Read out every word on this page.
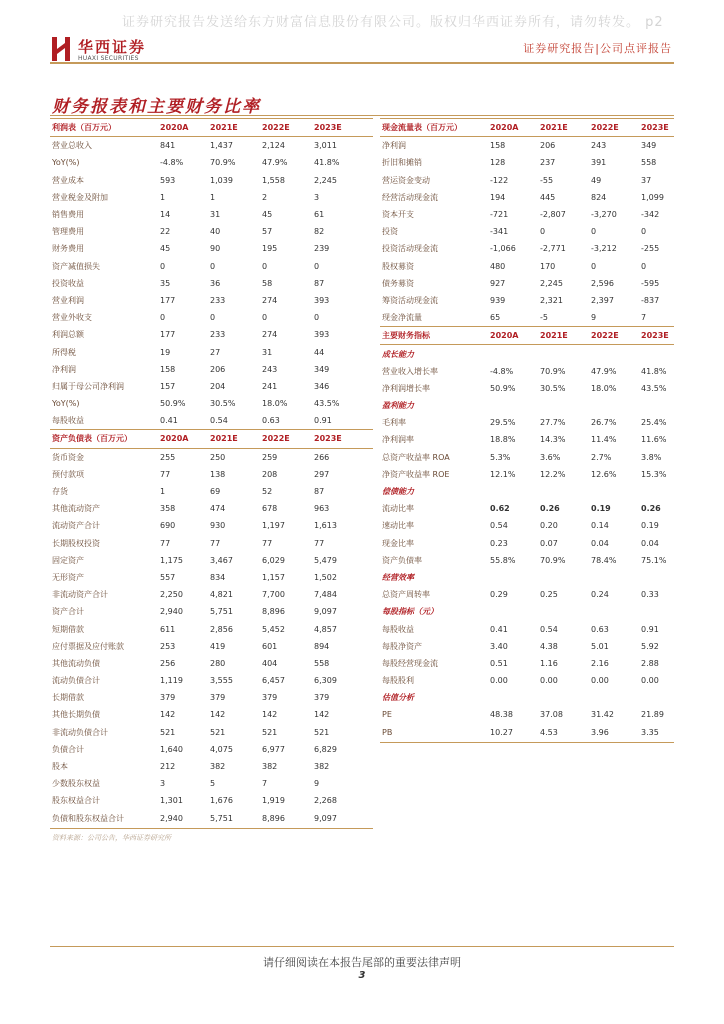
证券研究报告发送给东方财富信息股份有限公司。版权归华西证券所有，请勿转发。 p2
华西证券
HUAXI SECURITIES
证券研究报告|公司点评报告
财务报表和主要财务比率
利润表（百万元）	2020A	2021E	2022E	2023E
营业总收入	841	1,437	2,124	3,011
YoY(%)	-4.8%	70.9%	47.9%	41.8%
营业成本	593	1,039	1,558	2,245
营业税金及附加	1	1	2	3
销售费用	14	31	45	61
管理费用	22	40	57	82
财务费用	45	90	195	239
资产减值损失	0	0	0	0
投资收益	35	36	58	87
营业利润	177	233	274	393
营业外收支	0	0	0	0
利润总额	177	233	274	393
所得税	19	27	31	44
净利润	158	206	243	349
归属于母公司净利润	157	204	241	346
YoY(%)	50.9%	30.5%	18.0%	43.5%
每股收益	0.41	0.54	0.63	0.91
资产负债表（百万元）	2020A	2021E	2022E	2023E
货币资金	255	250	259	266
预付款项	77	138	208	297
存货	1	69	52	87
其他流动资产	358	474	678	963
流动资产合计	690	930	1,197	1,613
长期股权投资	77	77	77	77
固定资产	1,175	3,467	6,029	5,479
无形资产	557	834	1,157	1,502
非流动资产合计	2,250	4,821	7,700	7,484
资产合计	2,940	5,751	8,896	9,097
短期借款	611	2,856	5,452	4,857
应付票据及应付账款	253	419	601	894
其他流动负债	256	280	404	558
流动负债合计	1,119	3,555	6,457	6,309
长期借款	379	379	379	379
其他长期负债	142	142	142	142
非流动负债合计	521	521	521	521
负债合计	1,640	4,075	6,977	6,829
股本	212	382	382	382
少数股东权益	3	5	7	9
股东权益合计	1,301	1,676	1,919	2,268
负债和股东权益合计	2,940	5,751	8,896	9,097
现金流量表（百万元）	2020A	2021E	2022E	2023E
净利润	158	206	243	349
折旧和摊销	128	237	391	558
营运资金变动	-122	-55	49	37
经营活动现金流	194	445	824	1,099
资本开支	-721	-2,807	-3,270	-342
投资	-341	0	0	0
投资活动现金流	-1,066	-2,771	-3,212	-255
股权募资	480	170	0	0
债务募资	927	2,245	2,596	-595
筹资活动现金流	939	2,321	2,397	-837
现金净流量	65	-5	9	7
主要财务指标	2020A	2021E	2022E	2023E
成长能力				
营业收入增长率	-4.8%	70.9%	47.9%	41.8%
净利润增长率	50.9%	30.5%	18.0%	43.5%
盈利能力				
毛利率	29.5%	27.7%	26.7%	25.4%
净利润率	18.8%	14.3%	11.4%	11.6%
总资产收益率 ROA	5.3%	3.6%	2.7%	3.8%
净资产收益率 ROE	12.1%	12.2%	12.6%	15.3%
偿债能力				
流动比率	0.62	0.26	0.19	0.26
速动比率	0.54	0.20	0.14	0.19
现金比率	0.23	0.07	0.04	0.04
资产负债率	55.8%	70.9%	78.4%	75.1%
经营效率				
总资产周转率	0.29	0.25	0.24	0.33
每股指标（元）				
每股收益	0.41	0.54	0.63	0.91
每股净资产	3.40	4.38	5.01	5.92
每股经营现金流	0.51	1.16	2.16	2.88
每股股利	0.00	0.00	0.00	0.00
估值分析				
PE	48.38	37.08	31.42	21.89
PB	10.27	4.53	3.96	3.35
资料来源：公司公告，华西证券研究所
请仔细阅读在本报告尾部的重要法律声明
3
